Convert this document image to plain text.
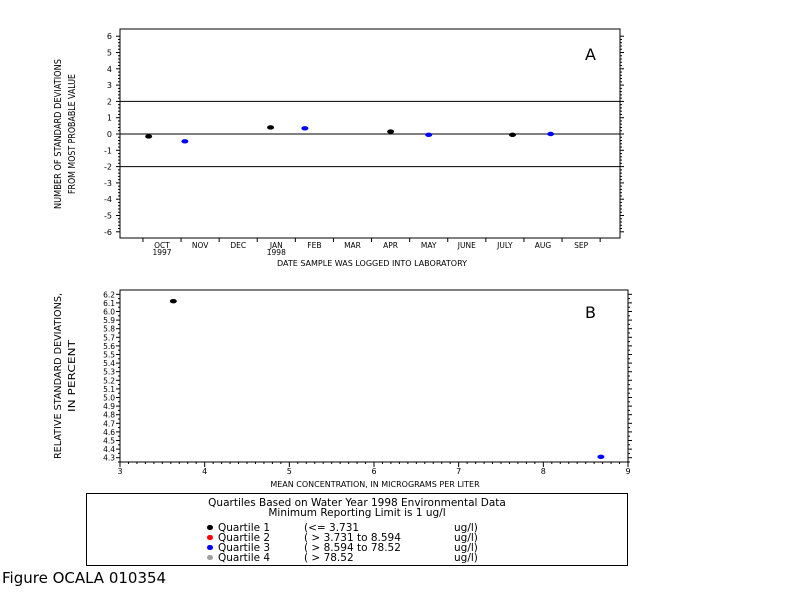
A
6
5
4
3
2
1
0
-1
-2
-3
-4
-5
-6
OCT	NOV	DEC	JAN	FEB	MAR	APR	MAY	JUNE	JULY	AUG	SEP
1997	1998
DATE SAMPLE WAS LOGGED INTO LABORATORY
NUMBER OF STANDARD DEVIATIONS FROM MOST PROBABLE VALUE
B
6.2
6.1
6.0
5.9
5.8
5.7
5.6
5.5
5.4
5.3
5.2
5.1
5.0
4.9
4.8
4.7
4.6
4.5
4.4
4.3
3	4	5	6	7	8	9
MEAN CONCENTRATION, IN MICROGRAMS PER LITER
RELATIVE STANDARD DEVIATIONS, IN PERCENT
Quartiles Based on Water Year 1998 Environmental Data
Minimum Reporting Limit is 1 ug/l
Quartile 1	(<= 3.731	ug/l)
Quartile 2	( > 3.731 to 8.594	ug/l)
Quartile 3	( > 8.594 to 78.52	ug/l)
Quartile 4	( > 78.52	ug/l)
Figure OCALA 010354
